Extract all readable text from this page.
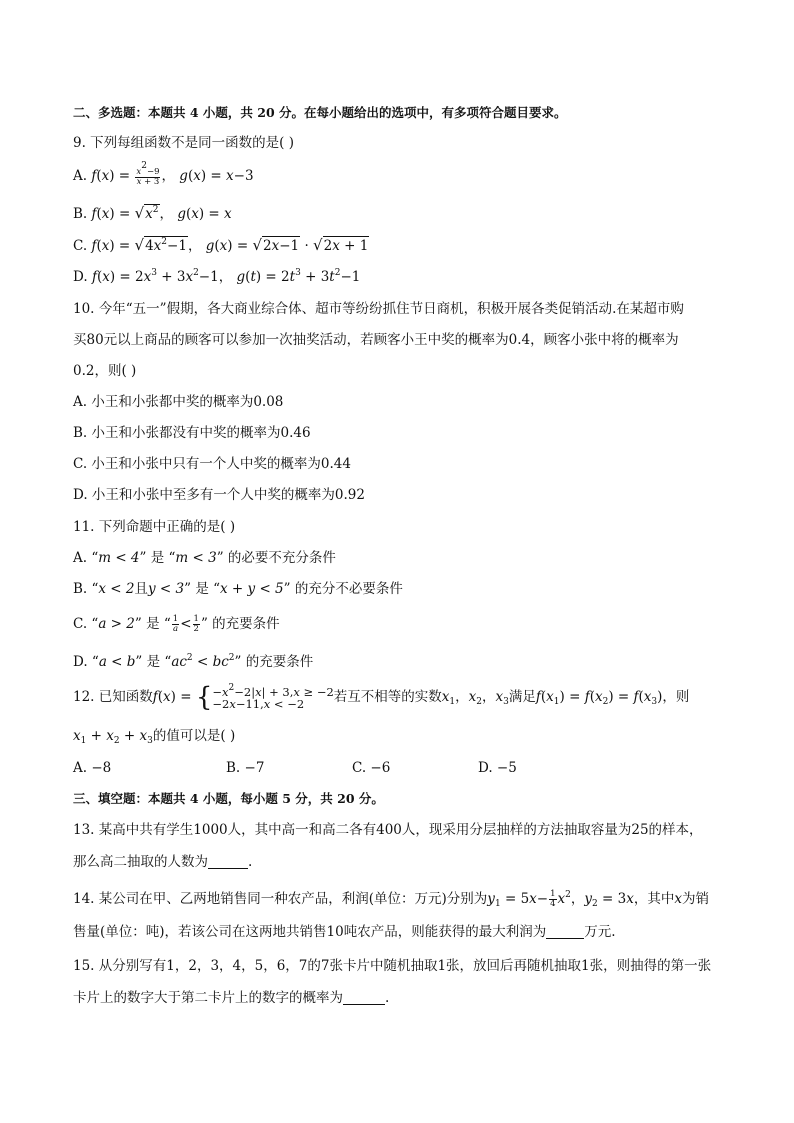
二、多选题：本题共 4 小题，共 20 分。在每小题给出的选项中，有多项符合题目要求。
9. 下列每组函数不是同一函数的是( )
A. $f(x) = \frac{x^2-9}{x + 3}$ ， g(x) = x−3
B. $f(x) = √x^2$， g(x) = x
C. $f(x) = √4x^2-1$， g(x) = √2x−1 · √2x + 1
D. $f(x) = 2x^3 + 3x^2-1$， $g(t) = 2t^3 + 3t^2-1$
10. 今年“五一”假期，各大商业综合体、超市等纷纷抓住节日商机，积极开展各类促销活动.在某超市购
买80元以上商品的顾客可以参加一次抽奖活动，若顾客小王中奖的概率为0.4，顾客小张中将的概率为
0.2，则( )
A. 小王和小张都中奖的概率为0.08
B. 小王和小张都没有中奖的概率为0.46
C. 小王和小张中只有一个人中奖的概率为0.44
D. 小王和小张中至多有一个人中奖的概率为0.92
11. 下列命题中正确的是( )
A. “m < 4” 是 “m < 3” 的必要不充分条件
B. “x < 2且y < 3” 是 “x + y < 5” 的充分不必要条件
C. “a > 2” 是 “ $\frac{1}{a} < \frac{1}{2}$ ” 的充要条件
D. “a < b” 是 “$ac^2 < bc^2$” 的充要条件
12. 已知函数f(x) = { $-x^2-2|x| + 3,x \ge -2$
−2x−11,x < −2	若互不相等的实数$x_1$，$x_2$，$x_3$满足$f(x_1) = f(x_2) = f(x_3)$，则
$x_1 + x_2 + x_3$的值可以是( )
A. −8	B. −7	C. −6	D. −5
三、填空题：本题共 4 小题，每小题 5 分，共 20 分。
13. 某高中共有学生1000人，其中高一和高二各有400人，现采用分层抽样的方法抽取容量为25的样本，
那么高二抽取的人数为	.
14. 某公司在甲、乙两地销售同一种农产品，利润(单位：万元)分别为$y_1 = 5x- \frac{1}{4} x^2$，$y_2 = 3x$，其中x为销
售量(单位：吨)，若该公司在这两地共销售10吨农产品，则能获得的最大利润为	万元.
15. 从分别写有1，2，3，4，5，6，7的7张卡片中随机抽取1张，放回后再随机抽取1张，则抽得的第一张
卡片上的数字大于第二卡片上的数字的概率为	.
